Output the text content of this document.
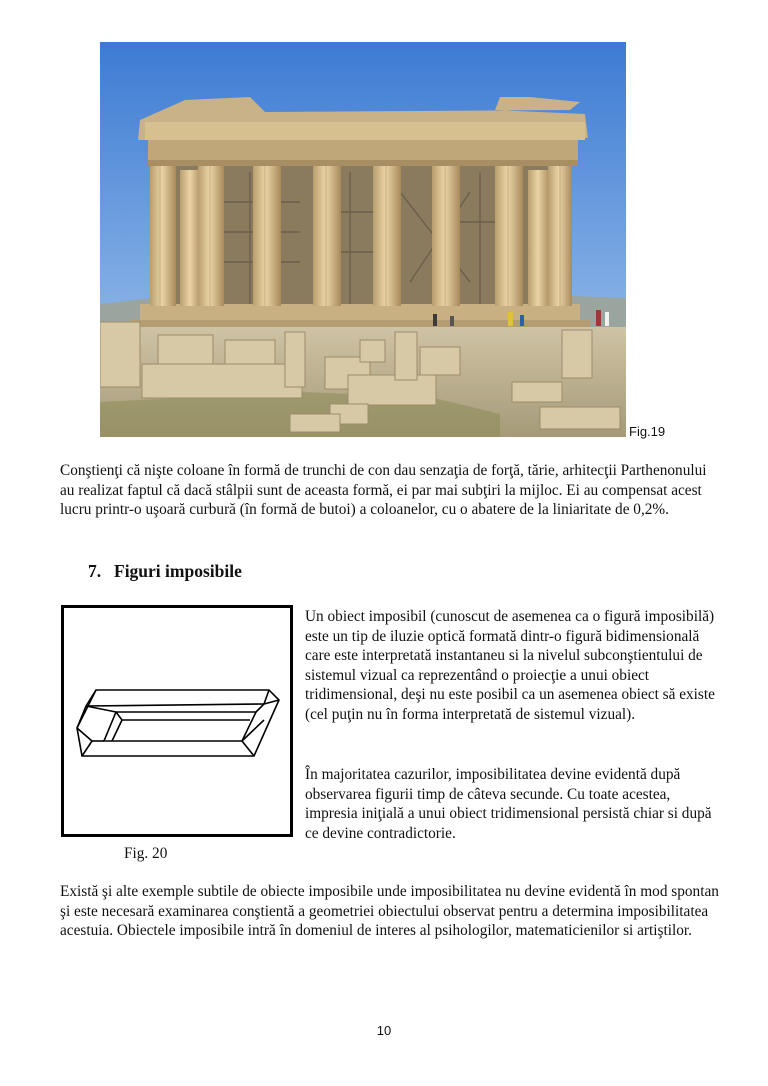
Fig.19

Conştienţi că nişte coloane în formă de trunchi de con dau senzaţia de forţă, tărie, arhitecţii Parthenonului au realizat faptul că dacă stâlpii sunt de aceasta formă, ei par mai subţiri la mijloc. Ei au compensat acest lucru printr-o uşoară curbură (în formă de butoi) a coloanelor, cu o abatere de la liniaritate de 0,2%.

7. Figuri imposibile
Fig. 20

Un obiect imposibil (cunoscut de asemenea ca o figură imposibilă) este un tip de iluzie optică formată dintr-o figură bidimensională care este interpretată instantaneu si la nivelul subconştientului de sistemul vizual ca reprezentând o proiecţie a unui obiect tridimensional, deşi nu este posibil ca un asemenea obiect să existe (cel puţin nu în forma interpretată de sistemul vizual).

În majoritatea cazurilor, imposibilitatea devine evidentă după observarea figurii timp de câteva secunde. Cu toate acestea, impresia iniţială a unui obiect tridimensional persistă chiar si după ce devine contradictorie.

Există şi alte exemple subtile de obiecte imposibile unde imposibilitatea nu devine evidentă în mod spontan şi este necesară examinarea conştientă a geometriei obiectului observat pentru a determina imposibilitatea acestuia. Obiectele imposibile intră în domeniul de interes al psihologilor, matematicienilor si artiştilor.

10
